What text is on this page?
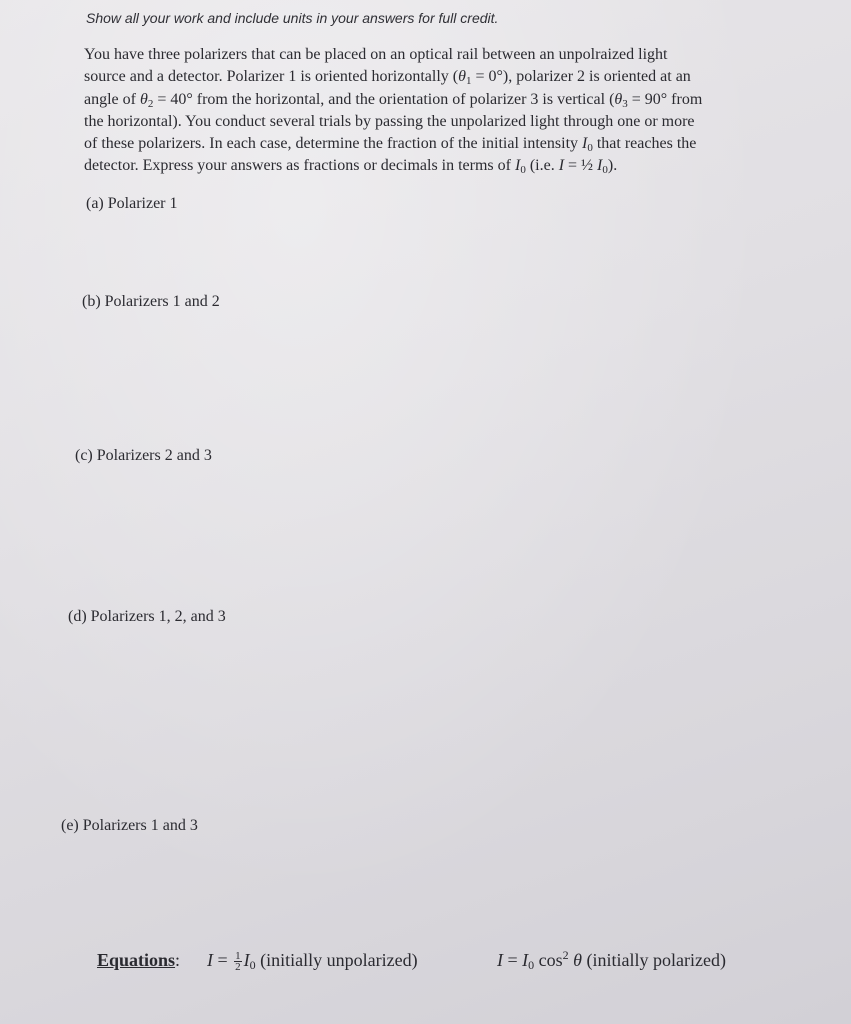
Show all your work and include units in your answers for full credit.
You have three polarizers that can be placed on an optical rail between an unpolraized light
source and a detector. Polarizer 1 is oriented horizontally $(\theta_1 = 0^\circ)$, polarizer 2 is oriented at an
angle of $\theta_2 = 40^\circ$ from the horizontal, and the orientation of polarizer 3 is vertical ($\theta_3 = 90^\circ$ from
the horizontal). You conduct several trials by passing the unpolarized light through one or more
of these polarizers. In each case, determine the fraction of the initial intensity $I_0$ that reaches the
detector. Express your answers as fractions or decimals in terms of $I_0$ (i.e. I = ½ $I_0$).
(a) Polarizer 1
(b) Polarizers 1 and 2
(c) Polarizers 2 and 3
(d) Polarizers 1, 2, and 3
(e) Polarizers 1 and 3
Equations: $I = \frac{1}{2} I_0$ (initially unpolarized)	$I = I_0$ $\cos^2 \theta$ (initially polarized)
